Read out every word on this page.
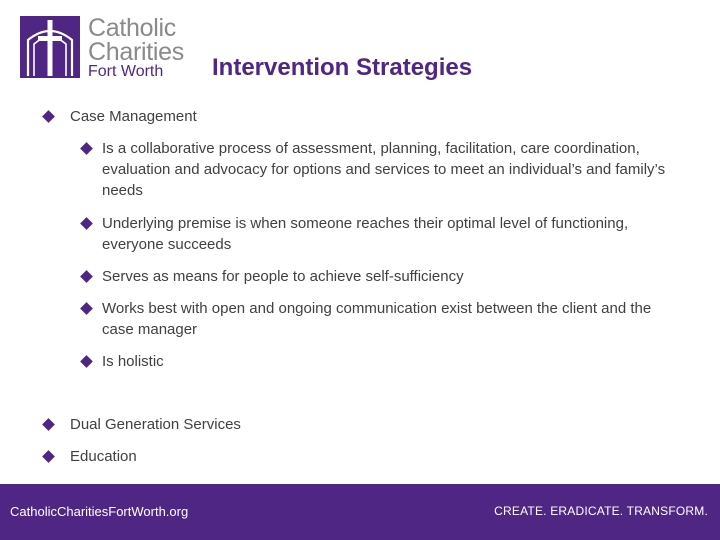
Catholic
Charities
Fort Worth Intervention Strategies
Case Management
Is a collaborative process of assessment, planning, facilitation, care coordination, evaluation and advocacy for options and services to meet an individual’s and family’s needs
Underlying premise is when someone reaches their optimal level of functioning, everyone succeeds
Serves as means for people to achieve self-sufficiency
Works best with open and ongoing communication exist between the client and the case manager
Is holistic
Dual Generation Services
Education
CatholicCharitiesFortWorth.org	CREATE. ERADICATE. TRANSFORM.
